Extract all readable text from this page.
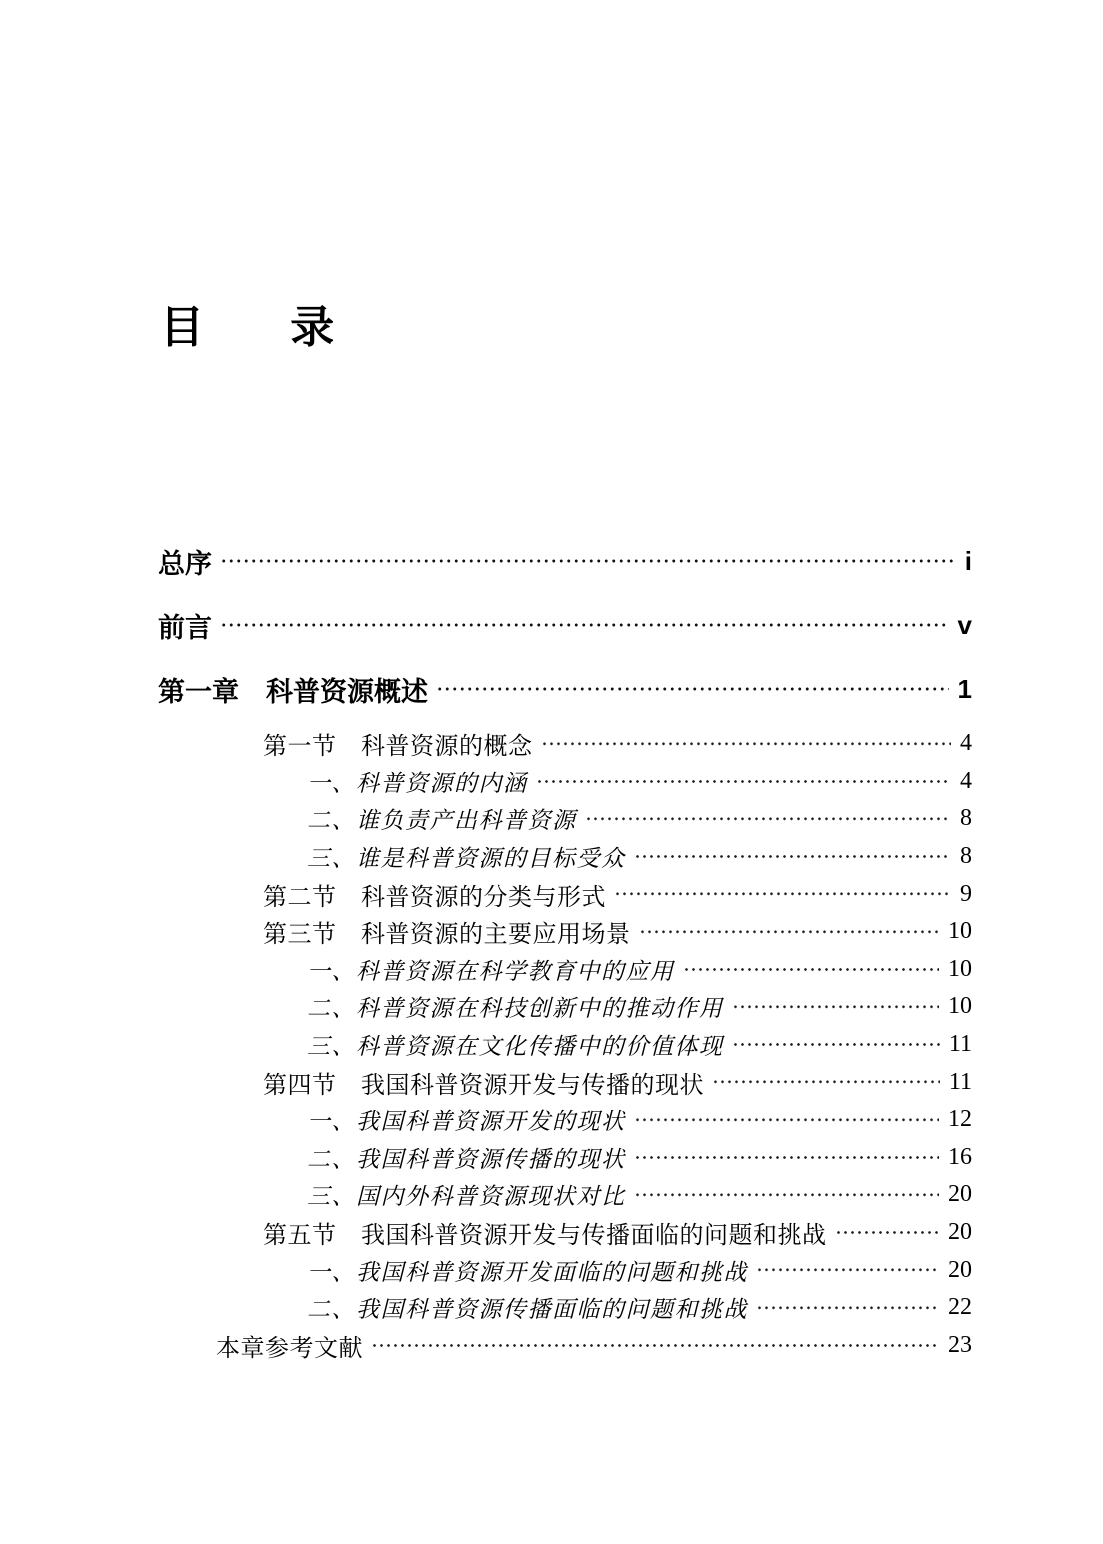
目 录
总序	i
前言	v
第一章　科普资源概述	1
第一节　科普资源的概念	4
一、科普资源的内涵	4
二、谁负责产出科普资源	8
三、谁是科普资源的目标受众	8
第二节　科普资源的分类与形式	9
第三节　科普资源的主要应用场景	10
一、科普资源在科学教育中的应用	10
二、科普资源在科技创新中的推动作用	10
三、科普资源在文化传播中的价值体现	11
第四节　我国科普资源开发与传播的现状	11
一、我国科普资源开发的现状	12
二、我国科普资源传播的现状	16
三、国内外科普资源现状对比	20
第五节　我国科普资源开发与传播面临的问题和挑战	20
一、我国科普资源开发面临的问题和挑战	20
二、我国科普资源传播面临的问题和挑战	22
本章参考文献	23
